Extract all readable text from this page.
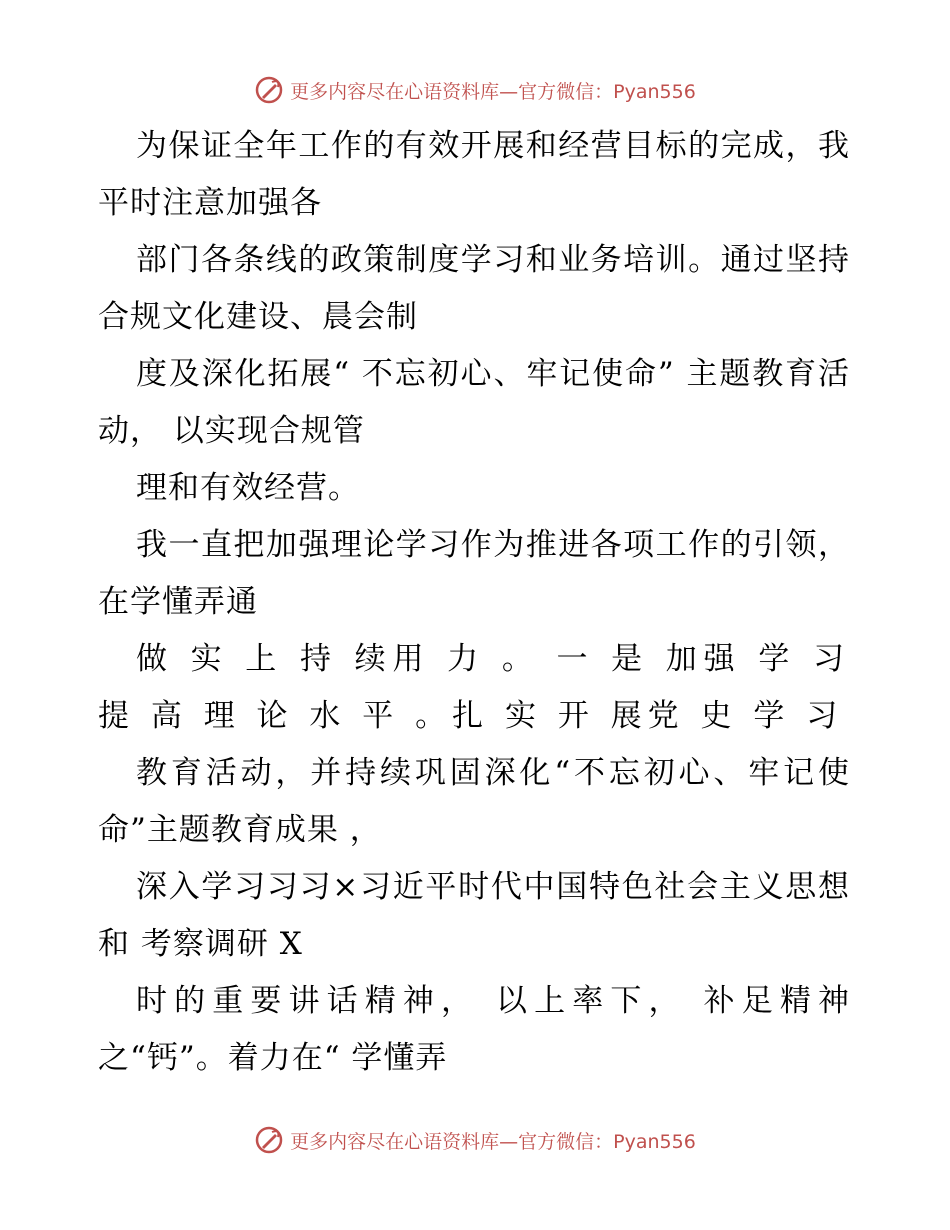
更多内容尽在心语资料库—官方微信：Pyan556

为保证全年工作的有效开展和经营目标的完成，我平时注意加强各

部门各条线的政策制度学习和业务培训。通过坚持合规文化建设、晨会制

度及深化拓展“ 不忘初心、牢记使命” 主题教育活动， 以实现合规管

理和有效经营。

我一直把加强理论学习作为推进各项工作的引领，在学懂弄通

做 实 上 持 续用 力 。 一 是 加强 学 习 提 高 理 论 水 平 。扎 实 开 展党 史 学 习

教育活动，并持续巩固深化“不忘初心、牢记使命”主题教育成果 ，

深入学习习习×习近平时代中国特色社会主义思想和 考察调研 X

时的重要讲话精神， 以上率下， 补足精神之“钙”。着力在“ 学懂弄

更多内容尽在心语资料库—官方微信：Pyan556
